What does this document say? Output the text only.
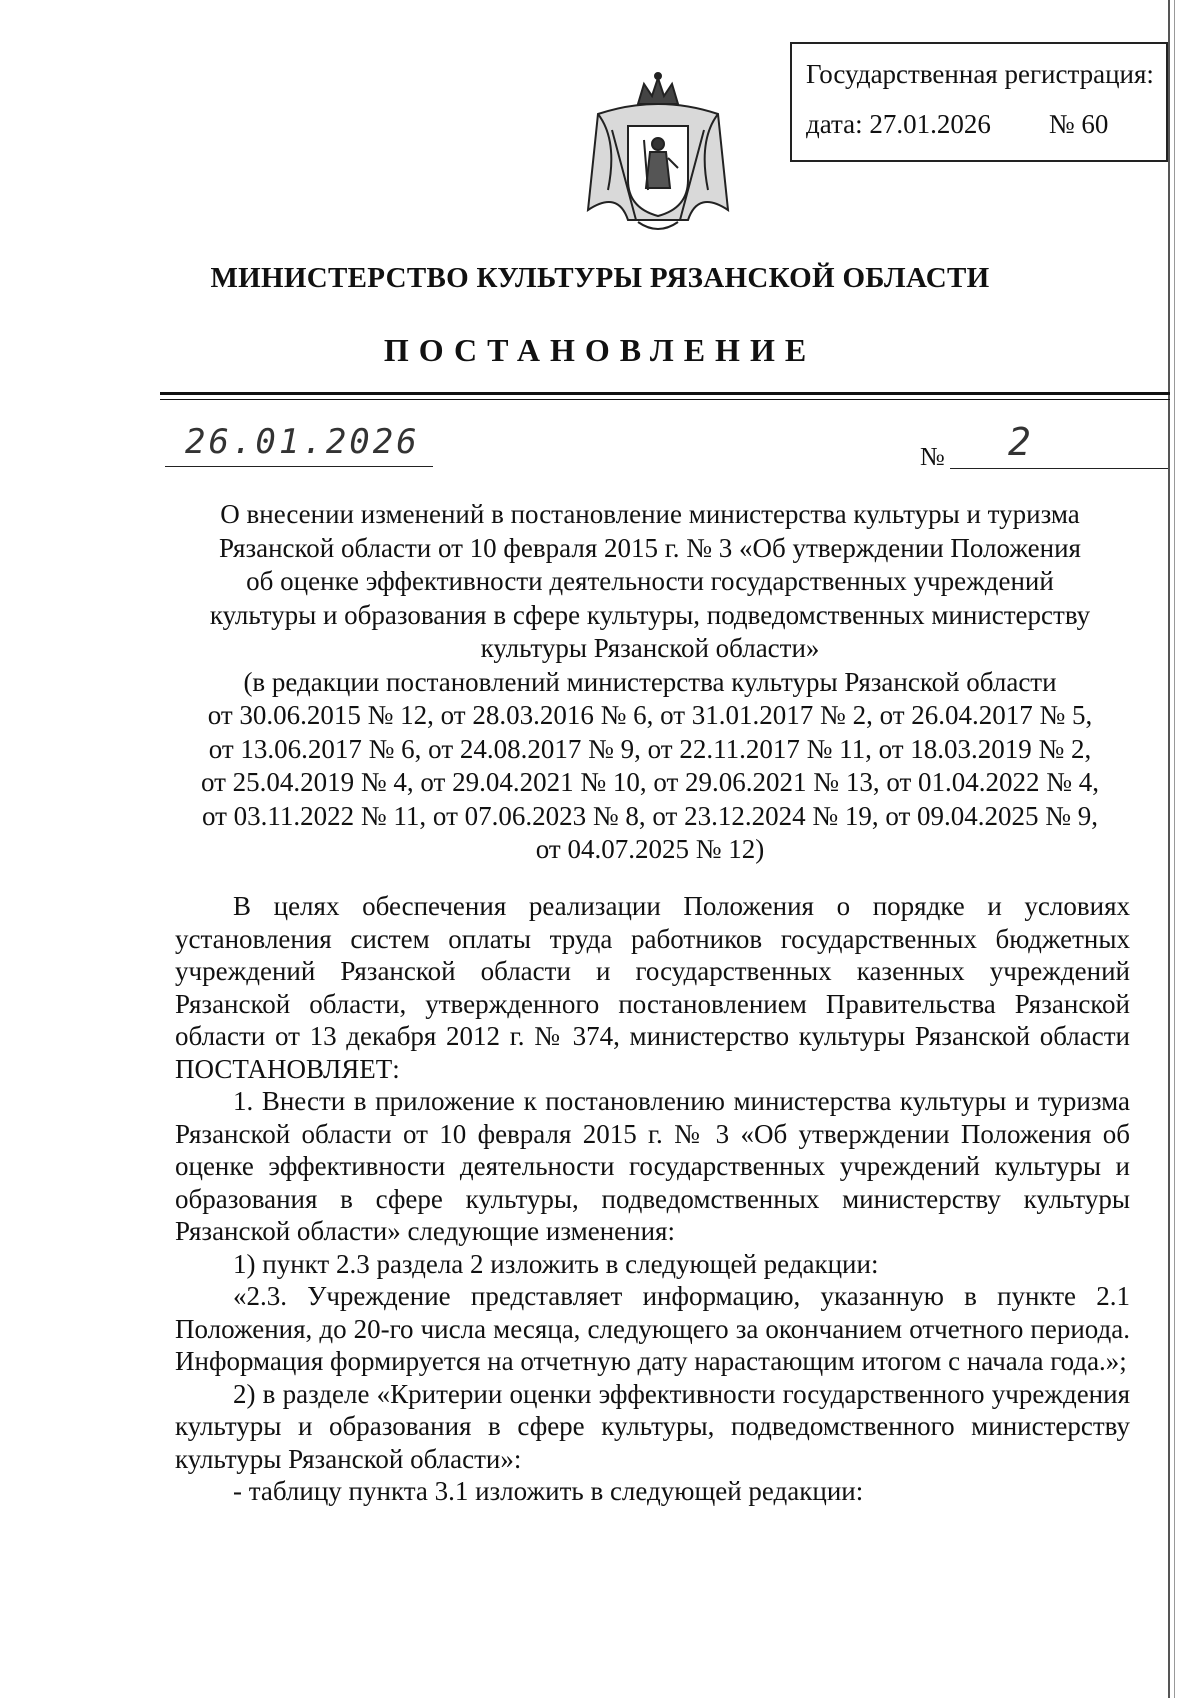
Государственная регистрация:
дата: 27.01.2026 № 60
МИНИСТЕРСТВО КУЛЬТУРЫ РЯЗАНСКОЙ ОБЛАСТИ
ПОСТАНОВЛЕНИЕ
26.01.2026	№ 2
О внесении изменений в постановление министерства культуры и туризма
Рязанской области от 10 февраля 2015 г. № 3 «Об утверждении Положения
об оценке эффективности деятельности государственных учреждений
культуры и образования в сфере культуры, подведомственных министерству
культуры Рязанской области»
(в редакции постановлений министерства культуры Рязанской области
от 30.06.2015 № 12, от 28.03.2016 № 6, от 31.01.2017 № 2, от 26.04.2017 № 5,
от 13.06.2017 № 6, от 24.08.2017 № 9, от 22.11.2017 № 11, от 18.03.2019 № 2,
от 25.04.2019 № 4, от 29.04.2021 № 10, от 29.06.2021 № 13, от 01.04.2022 № 4,
от 03.11.2022 № 11, от 07.06.2023 № 8, от 23.12.2024 № 19, от 09.04.2025 № 9,
от 04.07.2025 № 12)

В целях обеспечения реализации Положения о порядке и условиях установления систем оплаты труда работников государственных бюджетных учреждений Рязанской области и государственных казенных учреждений Рязанской области, утвержденного постановлением Правительства Рязанской области от 13 декабря 2012 г. № 374, министерство культуры Рязанской области ПОСТАНОВЛЯЕТ:

1. Внести в приложение к постановлению министерства культуры и туризма Рязанской области от 10 февраля 2015 г. № 3 «Об утверждении Положения об оценке эффективности деятельности государственных учреждений культуры и образования в сфере культуры, подведомственных министерству культуры Рязанской области» следующие изменения:

1) пункт 2.3 раздела 2 изложить в следующей редакции:

«2.3. Учреждение представляет информацию, указанную в пункте 2.1 Положения, до 20-го числа месяца, следующего за окончанием отчетного периода. Информация формируется на отчетную дату нарастающим итогом с начала года.»;

2) в разделе «Критерии оценки эффективности государственного учреждения культуры и образования в сфере культуры, подведомственного министерству культуры Рязанской области»:

- таблицу пункта 3.1 изложить в следующей редакции:
